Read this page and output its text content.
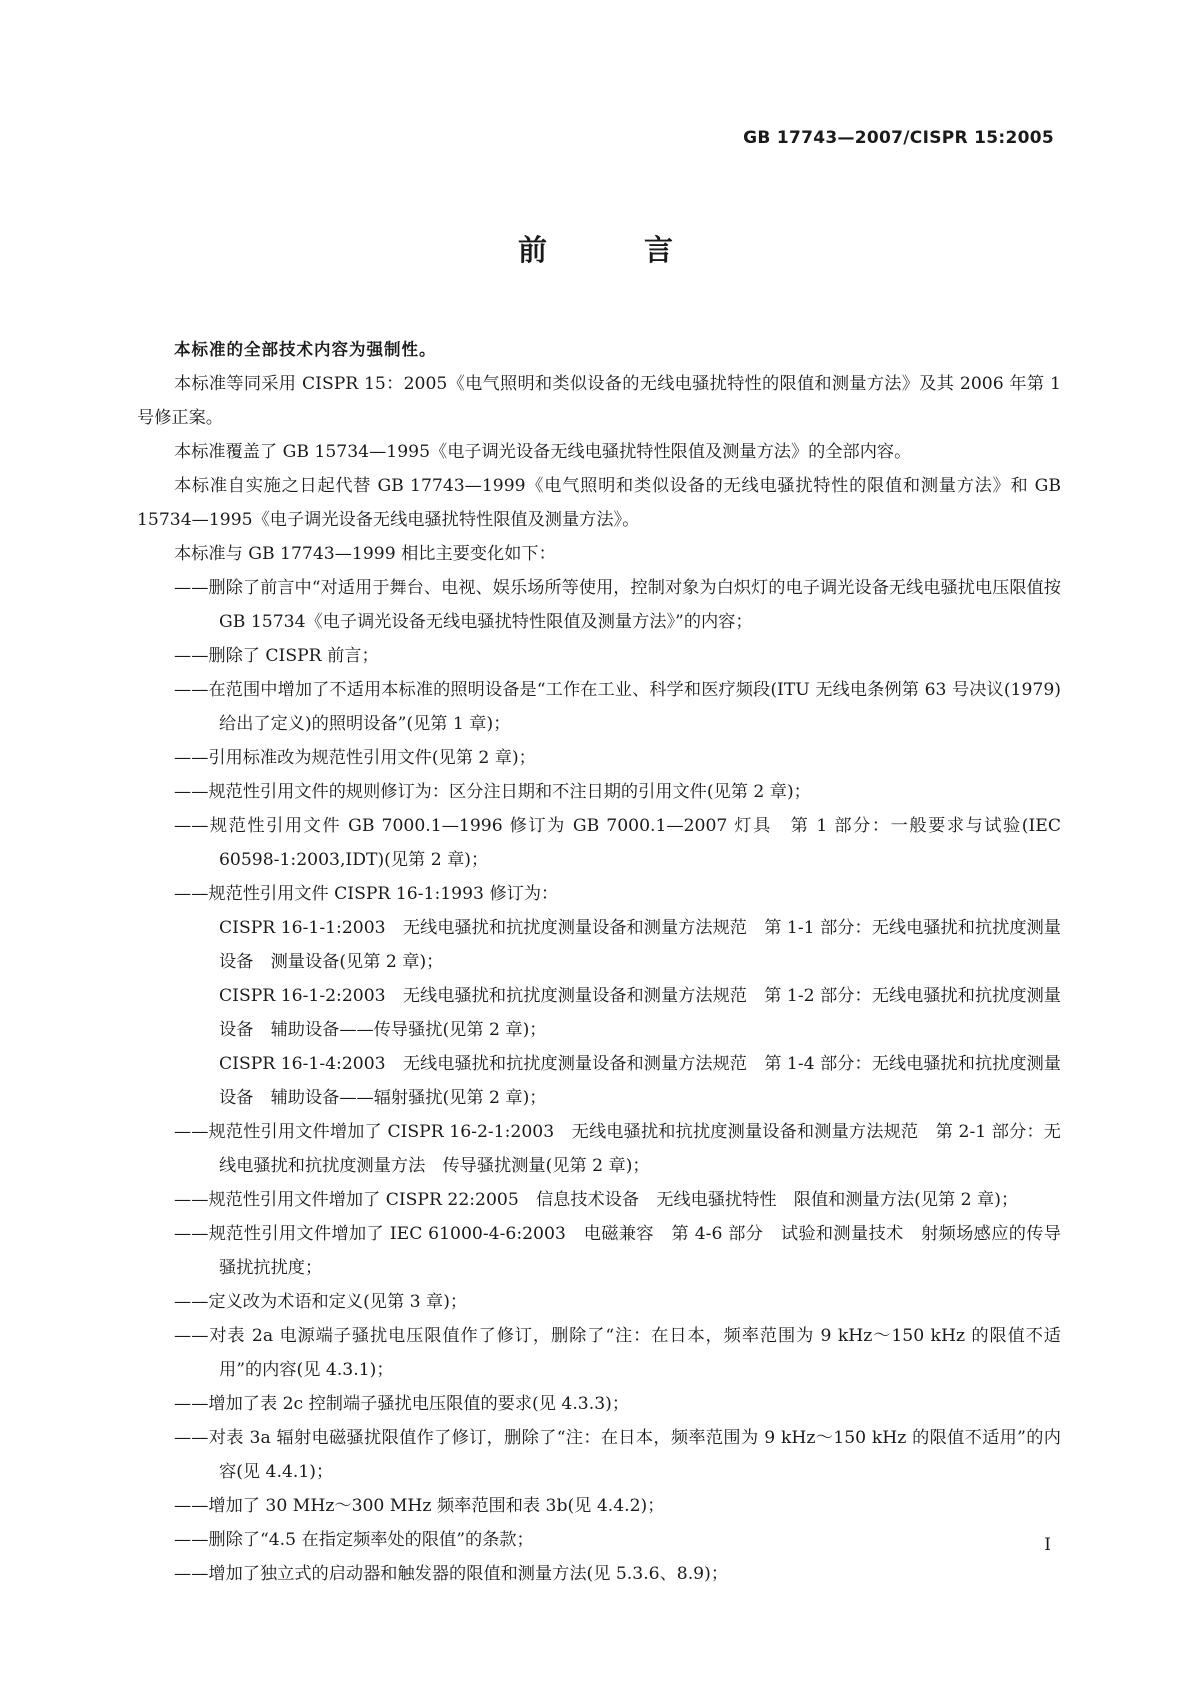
GB 17743—2007/CISPR 15:2005
前　言

本标准的全部技术内容为强制性。

本标准等同采用 CISPR 15：2005《电气照明和类似设备的无线电骚扰特性的限值和测量方法》及其 2006 年第 1 号修正案。

本标准覆盖了 GB 15734—1995《电子调光设备无线电骚扰特性限值及测量方法》的全部内容。

本标准自实施之日起代替 GB 17743—1999《电气照明和类似设备的无线电骚扰特性的限值和测量方法》和 GB 15734—1995《电子调光设备无线电骚扰特性限值及测量方法》。

本标准与 GB 17743—1999 相比主要变化如下：

——删除了前言中“对适用于舞台、电视、娱乐场所等使用，控制对象为白炽灯的电子调光设备无线电骚扰电压限值按 GB 15734《电子调光设备无线电骚扰特性限值及测量方法》”的内容；

——删除了 CISPR 前言；

——在范围中增加了不适用本标准的照明设备是“工作在工业、科学和医疗频段(ITU 无线电条例第 63 号决议(1979)给出了定义)的照明设备”(见第 1 章)；

——引用标准改为规范性引用文件(见第 2 章)；

——规范性引用文件的规则修订为：区分注日期和不注日期的引用文件(见第 2 章)；

——规范性引用文件 GB 7000.1—1996 修订为 GB 7000.1—2007 灯具　第 1 部分：一般要求与试验(IEC 60598-1:2003,IDT)(见第 2 章)；

——规范性引用文件 CISPR 16-1:1993 修订为：

CISPR 16-1-1:2003　无线电骚扰和抗扰度测量设备和测量方法规范　第 1-1 部分：无线电骚扰和抗扰度测量设备　测量设备(见第 2 章)；

CISPR 16-1-2:2003　无线电骚扰和抗扰度测量设备和测量方法规范　第 1-2 部分：无线电骚扰和抗扰度测量设备　辅助设备——传导骚扰(见第 2 章)；

CISPR 16-1-4:2003　无线电骚扰和抗扰度测量设备和测量方法规范　第 1-4 部分：无线电骚扰和抗扰度测量设备　辅助设备——辐射骚扰(见第 2 章)；

——规范性引用文件增加了 CISPR 16-2-1:2003　无线电骚扰和抗扰度测量设备和测量方法规范　第 2-1 部分：无线电骚扰和抗扰度测量方法　传导骚扰测量(见第 2 章)；

——规范性引用文件增加了 CISPR 22:2005　信息技术设备　无线电骚扰特性　限值和测量方法(见第 2 章)；

——规范性引用文件增加了 IEC 61000-4-6:2003　电磁兼容　第 4-6 部分　试验和测量技术　射频场感应的传导骚扰抗扰度；

——定义改为术语和定义(见第 3 章)；

——对表 2a 电源端子骚扰电压限值作了修订，删除了“注：在日本，频率范围为 9 kHz～150 kHz 的限值不适用”的内容(见 4.3.1)；

——增加了表 2c 控制端子骚扰电压限值的要求(见 4.3.3)；

——对表 3a 辐射电磁骚扰限值作了修订，删除了“注：在日本，频率范围为 9 kHz～150 kHz 的限值不适用”的内容(见 4.4.1)；

——增加了 30 MHz～300 MHz 频率范围和表 3b(见 4.4.2)；

——删除了“4.5 在指定频率处的限值”的条款；

——增加了独立式的启动器和触发器的限值和测量方法(见 5.3.6、8.9)；

I
